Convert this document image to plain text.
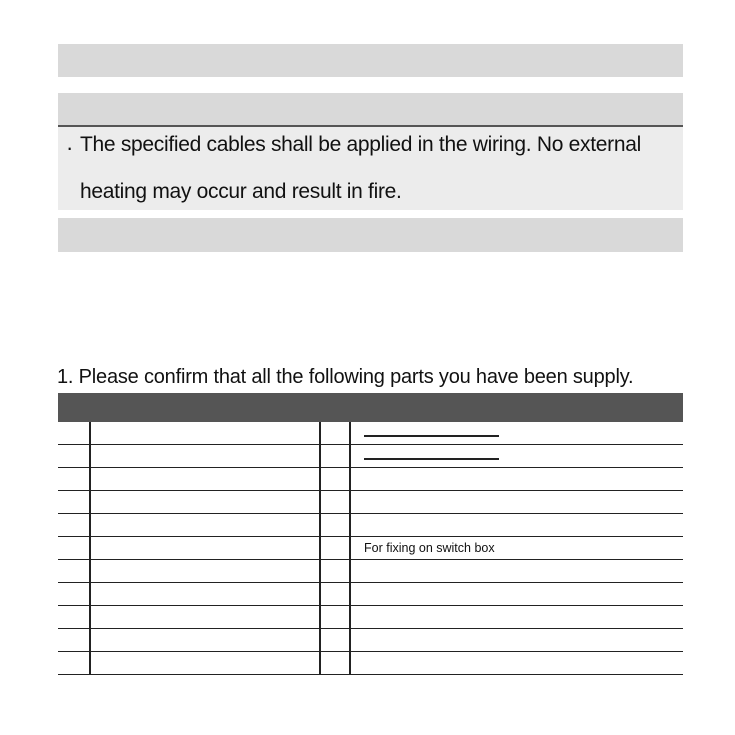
· The specified cables shall be applied in the wiring. No external
heating may occur and result in fire.
1. Please confirm that all the following parts you have been supply.
For fixing on switch box
